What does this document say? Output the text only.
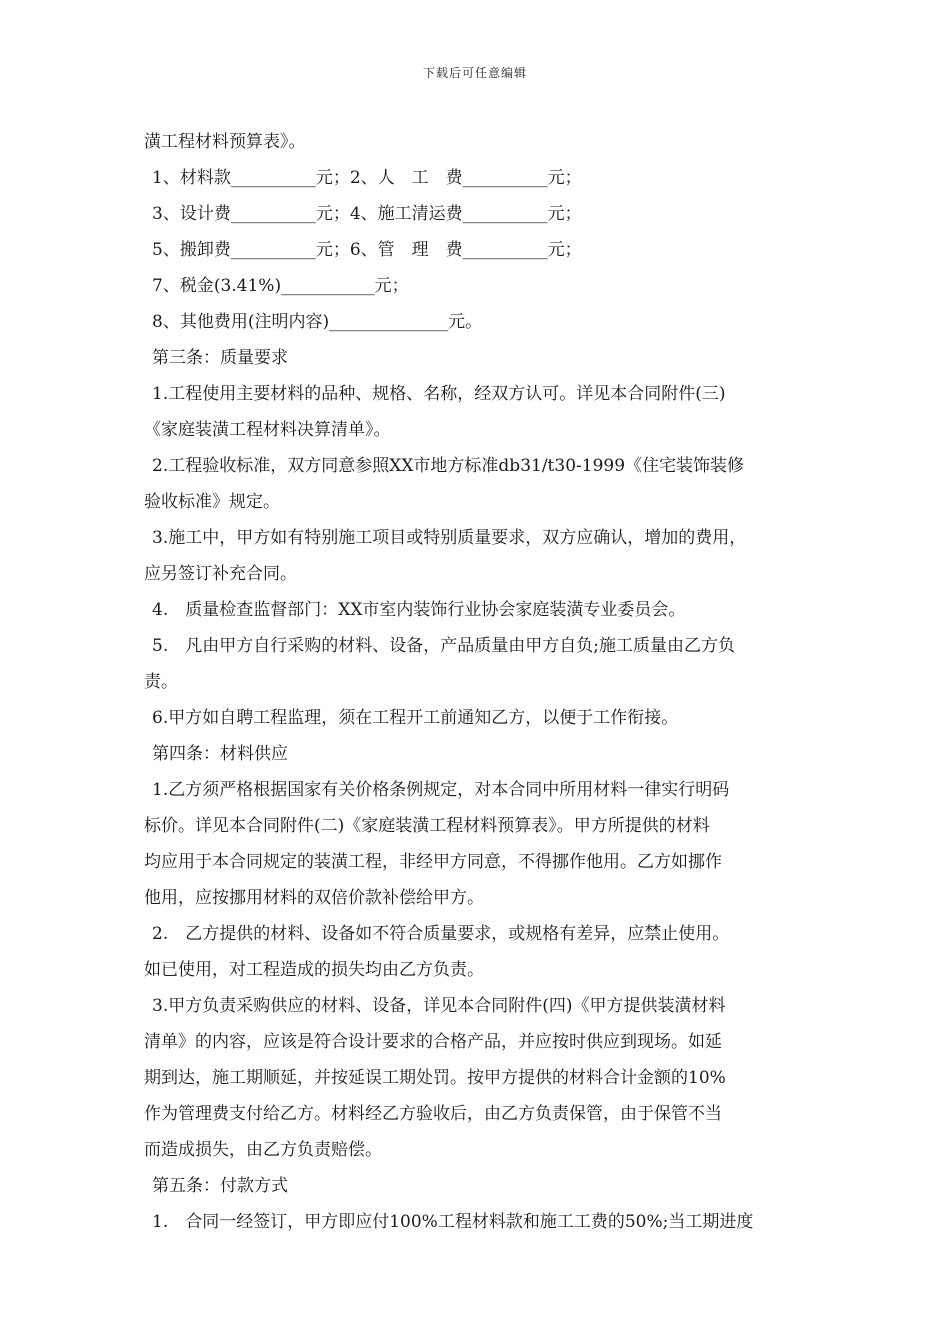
下载后可任意编辑
潢工程材料预算表》。
1、材料款__________元；2、人　工　费__________元；
3、设计费__________元；4、施工清运费__________元；
5、搬卸费__________元；6、管　理　费__________元；
7、税金(3.41%)___________元；
8、其他费用(注明内容)______________元。
第三条：质量要求
1.工程使用主要材料的品种、规格、名称，经双方认可。详见本合同附件(三)
《家庭装潢工程材料决算清单》。
2.工程验收标准，双方同意参照XX市地方标准db31/t30-1999《住宅装饰装修
验收标准》规定。
3.施工中，甲方如有特别施工项目或特别质量要求，双方应确认，增加的费用，
应另签订补充合同。
4.　质量检查监督部门：XX市室内装饰行业协会家庭装潢专业委员会。
5.　凡由甲方自行采购的材料、设备，产品质量由甲方自负;施工质量由乙方负
责。
6.甲方如自聘工程监理，须在工程开工前通知乙方，以便于工作衔接。
第四条：材料供应
1.乙方须严格根据国家有关价格条例规定，对本合同中所用材料一律实行明码
标价。详见本合同附件(二)《家庭装潢工程材料预算表》。甲方所提供的材料
均应用于本合同规定的装潢工程，非经甲方同意，不得挪作他用。乙方如挪作
他用，应按挪用材料的双倍价款补偿给甲方。
2.　乙方提供的材料、设备如不符合质量要求，或规格有差异，应禁止使用。
如已使用，对工程造成的损失均由乙方负责。
3.甲方负责采购供应的材料、设备，详见本合同附件(四)《甲方提供装潢材料
清单》的内容，应该是符合设计要求的合格产品，并应按时供应到现场。如延
期到达，施工期顺延，并按延误工期处罚。按甲方提供的材料合计金额的10%
作为管理费支付给乙方。材料经乙方验收后，由乙方负责保管，由于保管不当
而造成损失，由乙方负责赔偿。
第五条：付款方式
1.　合同一经签订，甲方即应付100%工程材料款和施工工费的50%;当工期进度
